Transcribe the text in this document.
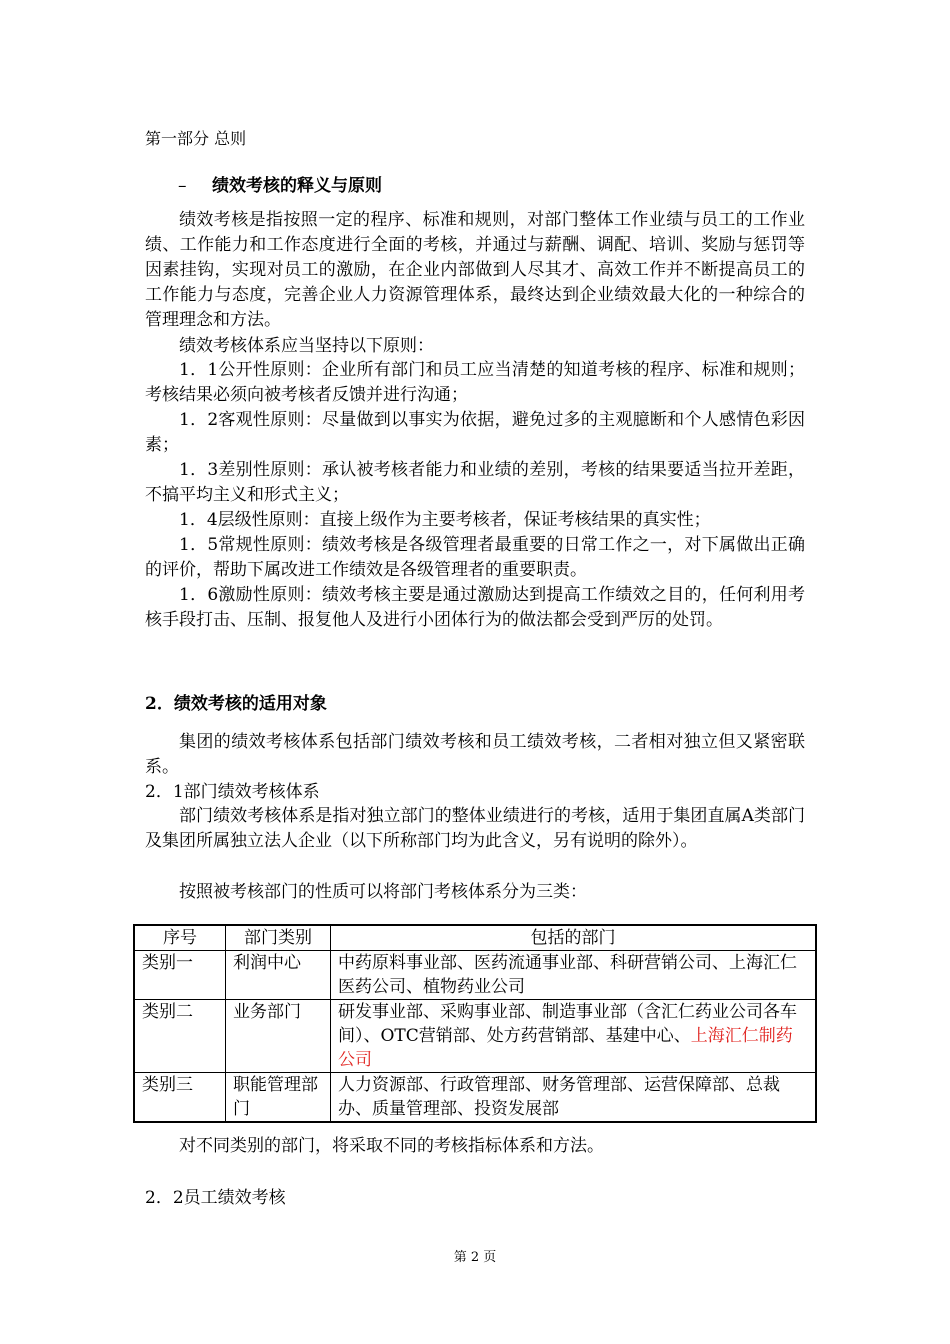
第一部分 总则

– 绩效考核的释义与原则

绩效考核是指按照一定的程序、标准和规则，对部门整体工作业绩与员工的工作业绩、工作能力和工作态度进行全面的考核，并通过与薪酬、调配、培训、奖励与惩罚等因素挂钩，实现对员工的激励，在企业内部做到人尽其才、高效工作并不断提高员工的工作能力与态度，完善企业人力资源管理体系，最终达到企业绩效最大化的一种综合的管理理念和方法。

绩效考核体系应当坚持以下原则：

1．1公开性原则：企业所有部门和员工应当清楚的知道考核的程序、标准和规则；考核结果必须向被考核者反馈并进行沟通；

1．2客观性原则：尽量做到以事实为依据，避免过多的主观臆断和个人感情色彩因素；

1．3差别性原则：承认被考核者能力和业绩的差别，考核的结果要适当拉开差距，不搞平均主义和形式主义；

1．4层级性原则：直接上级作为主要考核者，保证考核结果的真实性；

1．5常规性原则：绩效考核是各级管理者最重要的日常工作之一，对下属做出正确的评价，帮助下属改进工作绩效是各级管理者的重要职责。

1．6激励性原则：绩效考核主要是通过激励达到提高工作绩效之目的，任何利用考核手段打击、压制、报复他人及进行小团体行为的做法都会受到严厉的处罚。

2．绩效考核的适用对象

集团的绩效考核体系包括部门绩效考核和员工绩效考核，二者相对独立但又紧密联系。

2．1部门绩效考核体系

部门绩效考核体系是指对独立部门的整体业绩进行的考核，适用于集团直属A类部门及集团所属独立法人企业（以下所称部门均为此含义，另有说明的除外）。

按照被考核部门的性质可以将部门考核体系分为三类：

序号	部门类别	包括的部门
类别一	利润中心	中药原料事业部、医药流通事业部、科研营销公司、上海汇仁医药公司、植物药业公司
类别二	业务部门	研发事业部、采购事业部、制造事业部（含汇仁药业公司各车间）、OTC营销部、处方药营销部、基建中心、上海汇仁制药公司
类别三	职能管理部门	人力资源部、行政管理部、财务管理部、运营保障部、总裁办、质量管理部、投资发展部

对不同类别的部门，将采取不同的考核指标体系和方法。

2．2员工绩效考核

第 2 页
